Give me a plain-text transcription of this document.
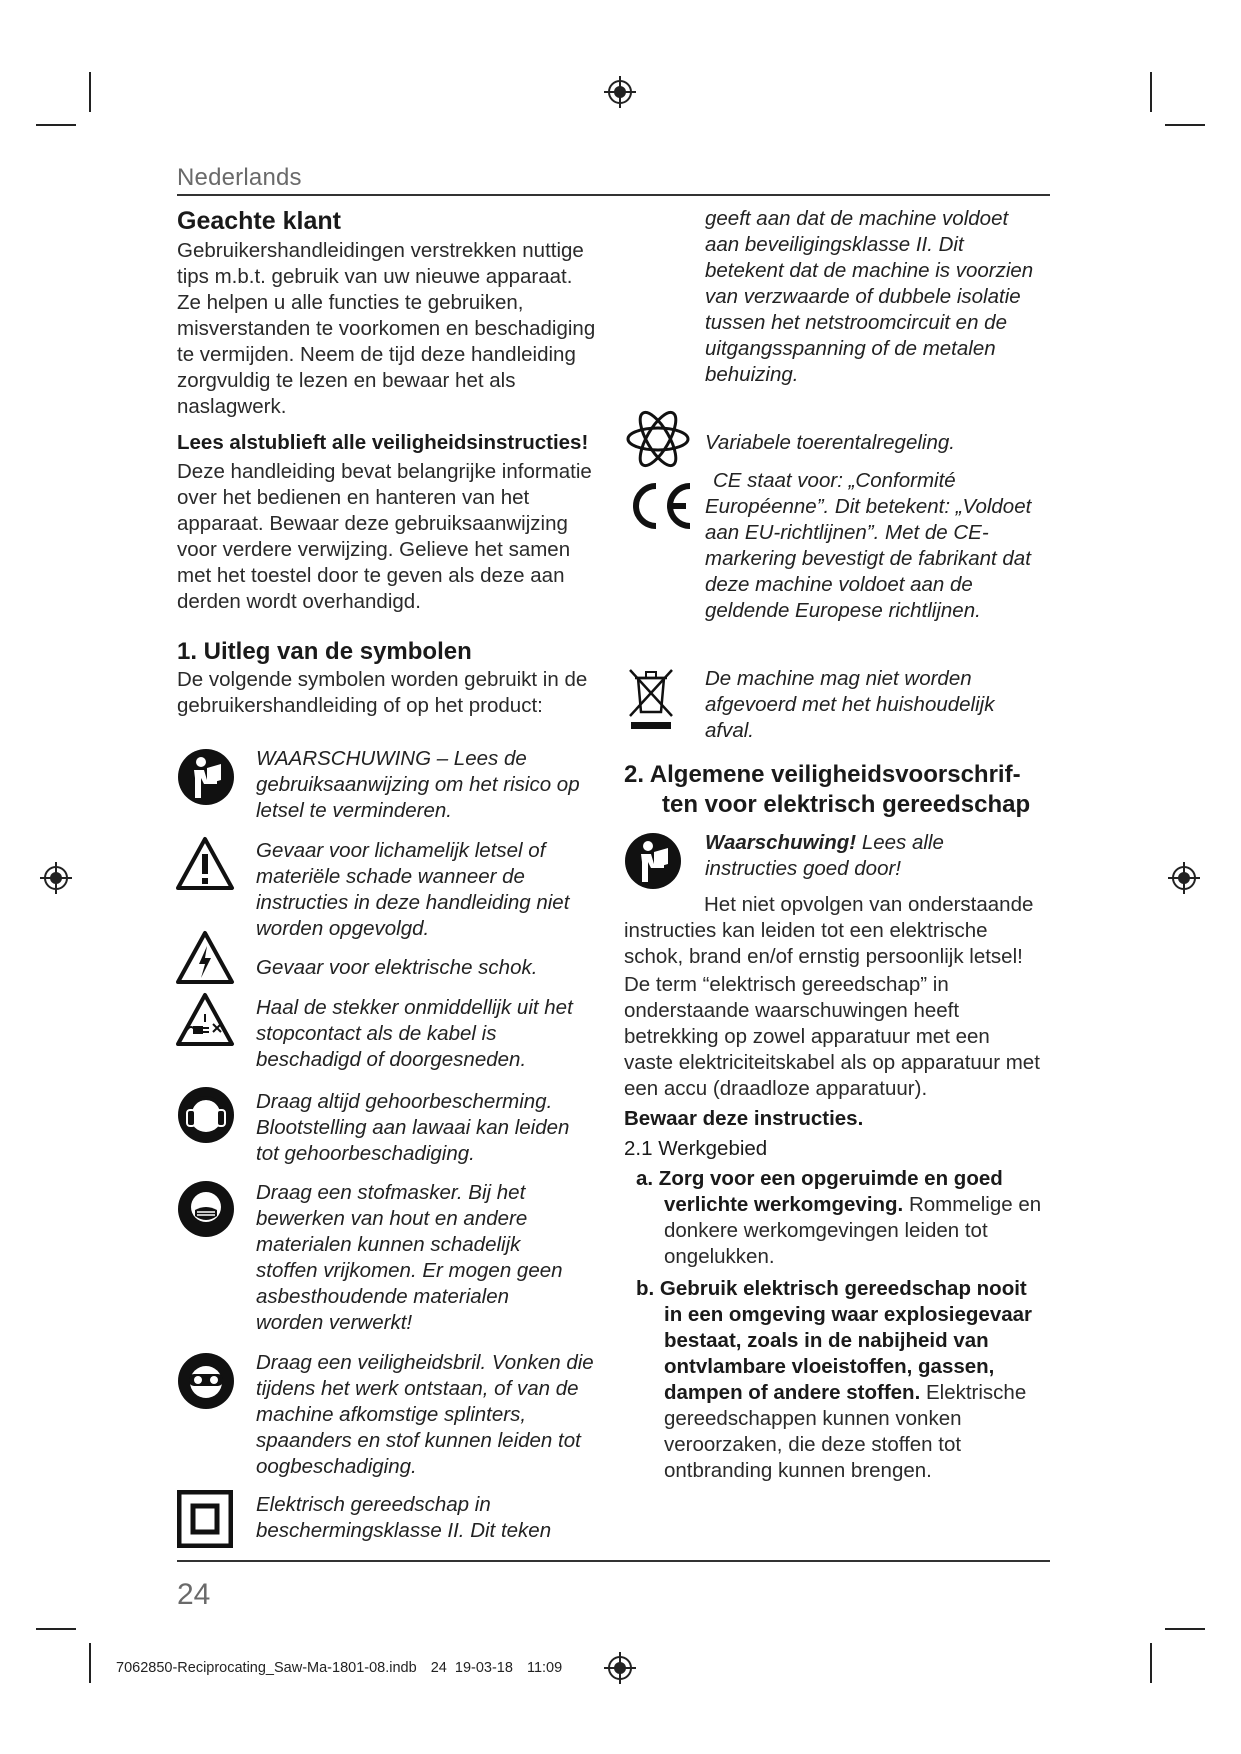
Nederlands
Geachte klant

Gebruikershandleidingen verstrekken nuttige tips m.b.t. gebruik van uw nieuwe apparaat. Ze helpen u alle functies te gebruiken, misverstanden te voorkomen en beschadiging te vermijden. Neem de tijd deze handleiding zorgvuldig te lezen en bewaar het als naslagwerk.

Lees alstublieft alle veiligheidsinstructies!

Deze handleiding bevat belangrijke informatie over het bedienen en hanteren van het apparaat. Bewaar deze gebruiksaanwijzing voor verdere verwijzing. Gelieve het samen met het toestel door te geven als deze aan derden wordt overhandigd.

1. Uitleg van de symbolen

De volgende symbolen worden gebruikt in de gebruikershandleiding of op het product:

WAARSCHUWING – Lees de gebruiksaanwijzing om het risico op letsel te verminderen.
Gevaar voor lichamelijk letsel of materiële schade wanneer de instructies in deze handleiding niet worden opgevolgd.
Gevaar voor elektrische schok.
Haal de stekker onmiddellijk uit het stopcontact als de kabel is beschadigd of doorgesneden.
Draag altijd gehoorbescherming. Blootstelling aan lawaai kan leiden tot gehoorbeschadiging.
Draag een stofmasker. Bij het bewerken van hout en andere materialen kunnen schadelijk stoffen vrijkomen. Er mogen geen asbesthoudende materialen worden verwerkt!
Draag een veiligheidsbril. Vonken die tijdens het werk ontstaan, of van de machine afkomstige splinters, spaanders en stof kunnen leiden tot oogbeschadiging.
Elektrisch gereedschap in beschermingsklasse II. Dit teken
geeft aan dat de machine voldoet aan beveiligingsklasse II. Dit betekent dat de machine is voorzien van verzwaarde of dubbele isolatie tussen het netstroomcircuit en de uitgangsspanning of de metalen behuizing.
Variabele toerentalregeling.
CE staat voor: „Conformité Européenne”. Dit betekent: „Voldoet aan EU-richtlijnen”. Met de CE-markering bevestigt de fabrikant dat deze machine voldoet aan de geldende Europese richtlijnen.
De machine mag niet worden afgevoerd met het huishoudelijk afval.
2. Algemene veiligheidsvoorschrif-
ten voor elektrisch gereedschap
Waarschuwing! Lees alle instructies goed door!

Het niet opvolgen van onderstaande instructies kan leiden tot een elektrische schok, brand en/of ernstig persoonlijk letsel!

De term “elektrisch gereedschap” in onderstaande waarschuwingen heeft betrekking op zowel apparatuur met een vaste elektriciteitskabel als op apparatuur met een accu (draadloze apparatuur).

Bewaar deze instructies.

2.1 Werkgebied

a. Zorg voor een opgeruimde en goed verlichte werkomgeving. Rommelige en donkere werkomgevingen leiden tot ongelukken.

b. Gebruik elektrisch gereedschap nooit in een omgeving waar explosiegevaar bestaat, zoals in de nabijheid van ontvlambare vloeistoffen, gassen, dampen of andere stoffen. Elektrische gereedschappen kunnen vonken veroorzaken, die deze stoffen tot ontbranding kunnen brengen.

24
7062850-Reciprocating_Saw-Ma-1801-08.indb 24 19-03-18 11:09
